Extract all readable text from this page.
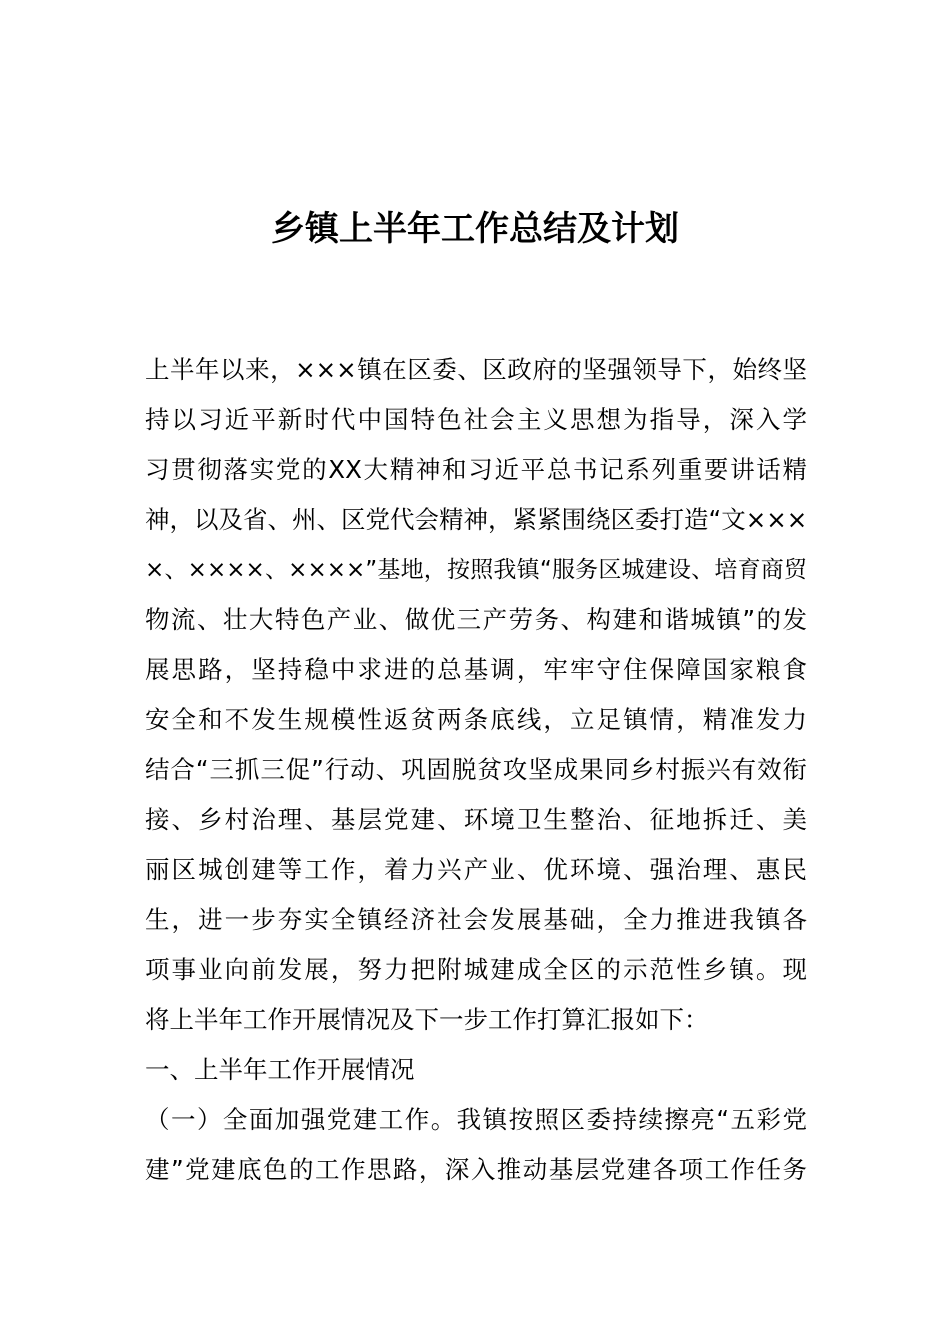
乡镇上半年工作总结及计划
上半年以来，×××镇在区委、区政府的坚强领导下，始终坚
持以习近平新时代中国特色社会主义思想为指导，深入学
习贯彻落实党的XX大精神和习近平总书记系列重要讲话精
神，以及省、州、区党代会精神，紧紧围绕区委打造“文×××
×、××××、××××”基地，按照我镇“服务区城建设、培育商贸
物流、壮大特色产业、做优三产劳务、构建和谐城镇”的发
展思路，坚持稳中求进的总基调，牢牢守住保障国家粮食
安全和不发生规模性返贫两条底线，立足镇情，精准发力
结合“三抓三促”行动、巩固脱贫攻坚成果同乡村振兴有效衔
接、乡村治理、基层党建、环境卫生整治、征地拆迁、美
丽区城创建等工作，着力兴产业、优环境、强治理、惠民
生，进一步夯实全镇经济社会发展基础，全力推进我镇各
项事业向前发展，努力把附城建成全区的示范性乡镇。现
将上半年工作开展情况及下一步工作打算汇报如下：
一、上半年工作开展情况
（一）全面加强党建工作。我镇按照区委持续擦亮“五彩党
建”党建底色的工作思路，深入推动基层党建各项工作任务
